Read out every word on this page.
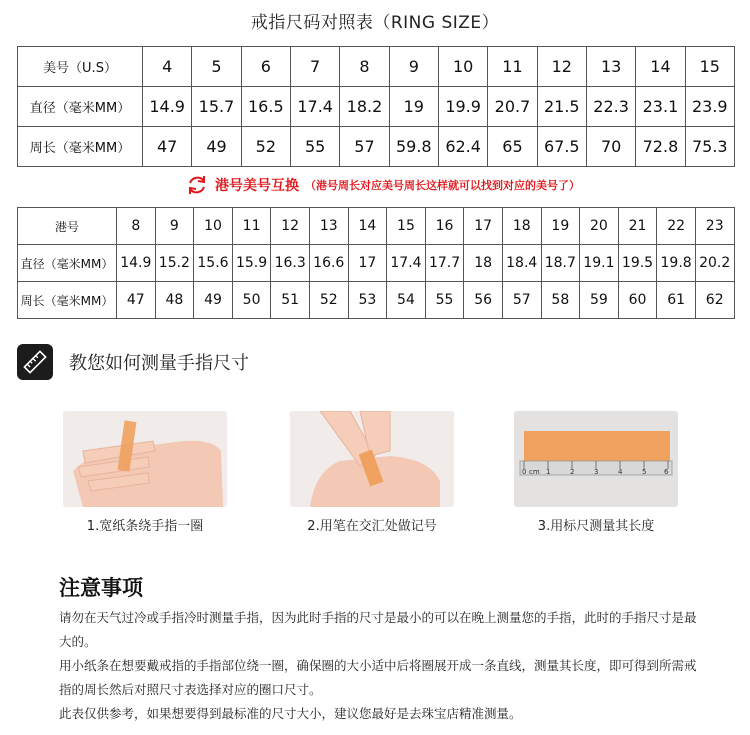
戒指尺码对照表（RING SIZE）
美号（U.S）	4	5	6	7	8	9	10	11	12	13	14	15
直径（毫米MM）	14.9	15.7	16.5	17.4	18.2	19	19.9	20.7	21.5	22.3	23.1	23.9
周长（毫米MM）	47	49	52	55	57	59.8	62.4	65	67.5	70	72.8	75.3
港号美号互换 （港号周长对应美号周长这样就可以找到对应的美号了）
港号	8	9	10	11	12	13	14	15	16	17	18	19	20	21	22	23
直径（毫米MM）	14.9	15.2	15.6	15.9	16.3	16.6	17	17.4	17.7	18	18.4	18.7	19.1	19.5	19.8	20.2
周长（毫米MM）	47	48	49	50	51	52	53	54	55	56	57	58	59	60	61	62
教您如何测量手指尺寸
0 cm 1	2	3	4	5	6
1.宽纸条绕手指一圈	2.用笔在交汇处做记号	3.用标尺测量其长度
注意事项

请勿在天气过冷或手指冷时测量手指，因为此时手指的尺寸是最小的可以在晚上测量您的手指，此时的手指尺寸是最大的。

用小纸条在想要戴戒指的手指部位绕一圈，确保圈的大小适中后将圈展开成一条直线，测量其长度，即可得到所需戒指的周长然后对照尺寸表选择对应的圈口尺寸。

此表仅供参考，如果想要得到最标准的尺寸大小，建议您最好是去珠宝店精准测量。
